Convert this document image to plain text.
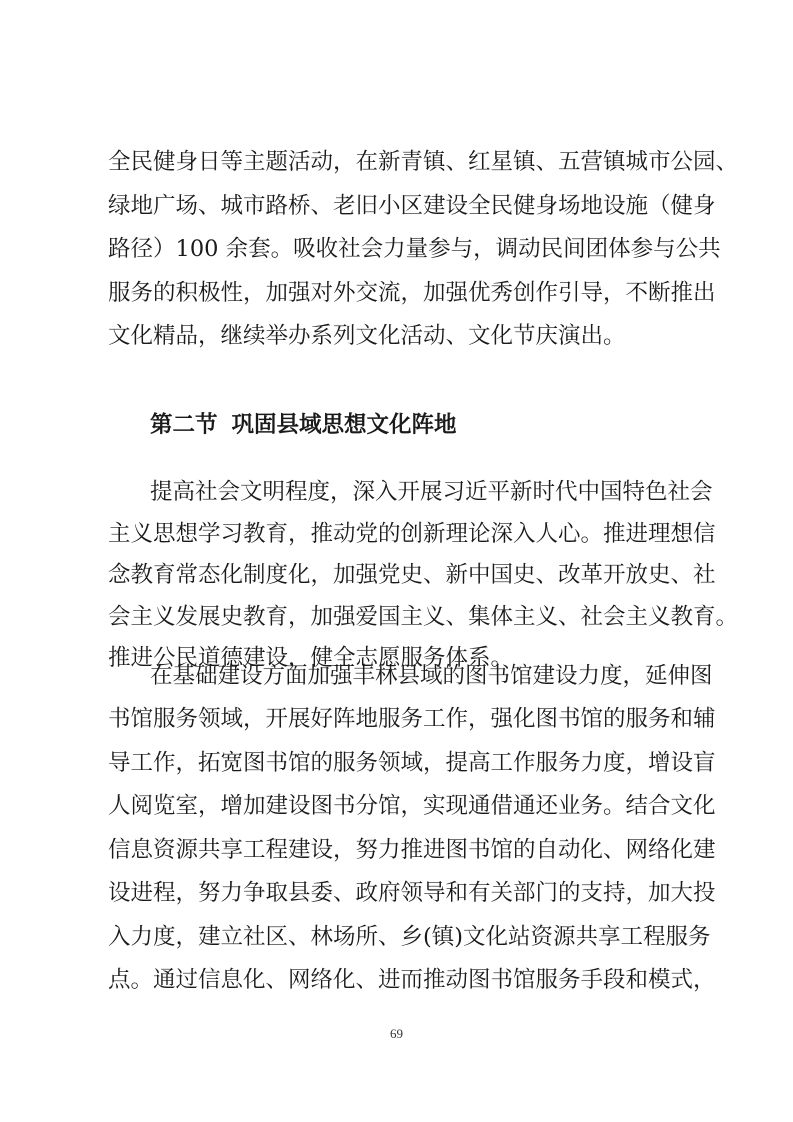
全民健身日等主题活动，在新青镇、红星镇、五营镇城市公园、
绿地广场、城市路桥、老旧小区建设全民健身场地设施（健身
路径）100 余套。吸收社会力量参与，调动民间团体参与公共
服务的积极性，加强对外交流，加强优秀创作引导，不断推出
文化精品，继续举办系列文化活动、文化节庆演出。
第二节 巩固县域思想文化阵地
提高社会文明程度，深入开展习近平新时代中国特色社会
主义思想学习教育，推动党的创新理论深入人心。推进理想信
念教育常态化制度化，加强党史、新中国史、改革开放史、社
会主义发展史教育，加强爱国主义、集体主义、社会主义教育。
推进公民道德建设，健全志愿服务体系。
在基础建设方面加强丰林县域的图书馆建设力度，延伸图
书馆服务领域，开展好阵地服务工作，强化图书馆的服务和辅
导工作，拓宽图书馆的服务领域，提高工作服务力度，增设盲
人阅览室，增加建设图书分馆，实现通借通还业务。结合文化
信息资源共享工程建设，努力推进图书馆的自动化、网络化建
设进程，努力争取县委、政府领导和有关部门的支持，加大投
入力度，建立社区、林场所、乡(镇)文化站资源共享工程服务
点。通过信息化、网络化、进而推动图书馆服务手段和模式，
69
